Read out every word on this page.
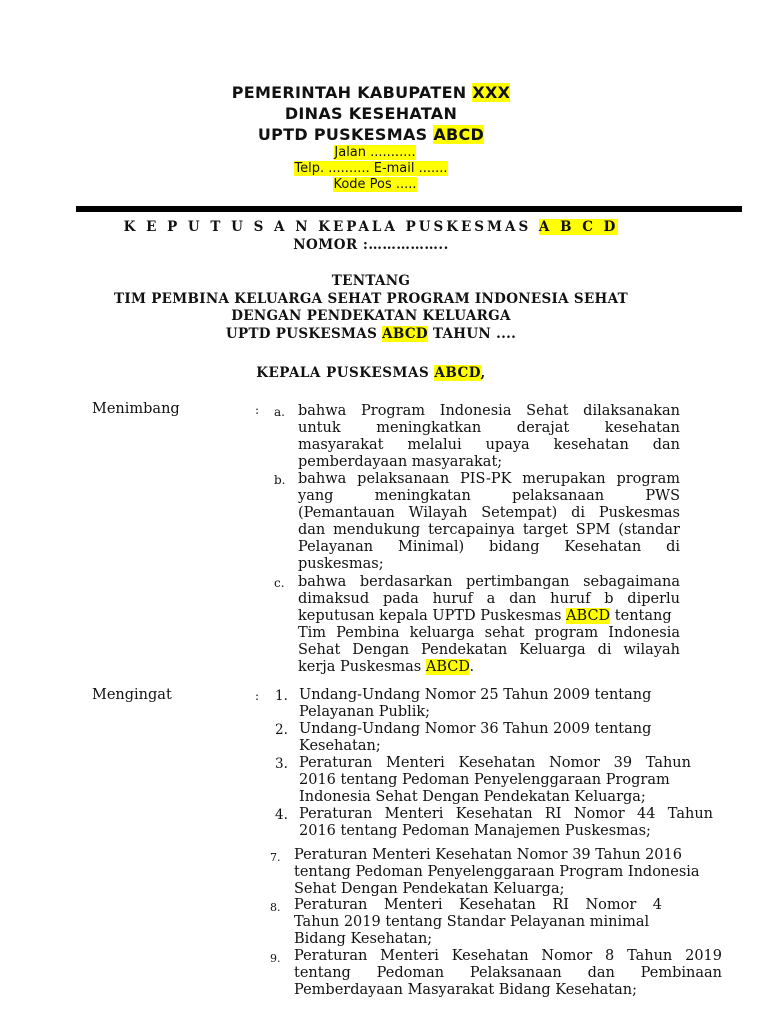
PEMERINTAH KABUPATEN XXX
DINAS KESEHATAN
UPTD PUSKESMAS ABCD
Jalan ...........
Telp. .......... E-mail .......
Kode Pos .....
K E P U T U S A N KEPALA PUSKESMAS A B C D
NOMOR :……………..
TENTANG
TIM PEMBINA KELUARGA SEHAT PROGRAM INDONESIA SEHAT
DENGAN PENDEKATAN KELUARGA
UPTD PUSKESMAS ABCD TAHUN ....
KEPALA PUSKESMAS ABCD,
Menimbang	: a. bahwa Program Indonesia Sehat dilaksanakan
untuk meningkatkan derajat kesehatan
masyarakat melalui upaya kesehatan dan
pemberdayaan masyarakat;
b. bahwa pelaksanaan PIS-PK merupakan program
yang meningkatan pelaksanaan PWS
(Pemantauan Wilayah Setempat) di Puskesmas
dan mendukung tercapainya target SPM (standar
Pelayanan Minimal) bidang Kesehatan di
puskesmas;
c. bahwa berdasarkan pertimbangan sebagaimana
dimaksud pada huruf a dan huruf b diperlu
keputusan kepala UPTD Puskesmas ABCD tentang
Tim Pembina keluarga sehat program Indonesia
Sehat Dengan Pendekatan Keluarga di wilayah
kerja Puskesmas ABCD.
Mengingat	: 1. Undang-Undang Nomor 25 Tahun 2009 tentang
Pelayanan Publik;
2. Undang-Undang Nomor 36 Tahun 2009 tentang
Kesehatan;
3. Peraturan Menteri Kesehatan Nomor 39 Tahun
2016 tentang Pedoman Penyelenggaraan Program
Indonesia Sehat Dengan Pendekatan Keluarga;
4. Peraturan Menteri Kesehatan RI Nomor 44 Tahun
2016 tentang Pedoman Manajemen Puskesmas;
7. Peraturan Menteri Kesehatan Nomor 39 Tahun 2016
tentang Pedoman Penyelenggaraan Program Indonesia
Sehat Dengan Pendekatan Keluarga;
8. Peraturan Menteri Kesehatan RI Nomor 4
Tahun 2019 tentang Standar Pelayanan minimal
Bidang Kesehatan;
9. Peraturan Menteri Kesehatan Nomor 8 Tahun 2019
tentang Pedoman Pelaksanaan dan Pembinaan
Pemberdayaan Masyarakat Bidang Kesehatan;
